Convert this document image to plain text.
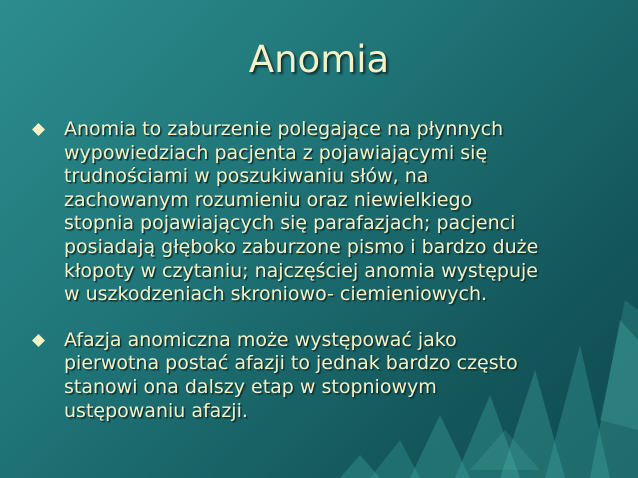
Anomia
Anomia to zaburzenie polegające na płynnych
wypowiedziach pacjenta z pojawiającymi się
trudnościami w poszukiwaniu słów, na
zachowanym rozumieniu oraz niewielkiego
stopnia pojawiających się parafazjach; pacjenci
posiadają głęboko zaburzone pismo i bardzo duże
kłopoty w czytaniu; najczęściej anomia występuje
w uszkodzeniach skroniowo- ciemieniowych.
Afazja anomiczna może występować jako
pierwotna postać afazji to jednak bardzo często
stanowi ona dalszy etap w stopniowym
ustępowaniu afazji.
